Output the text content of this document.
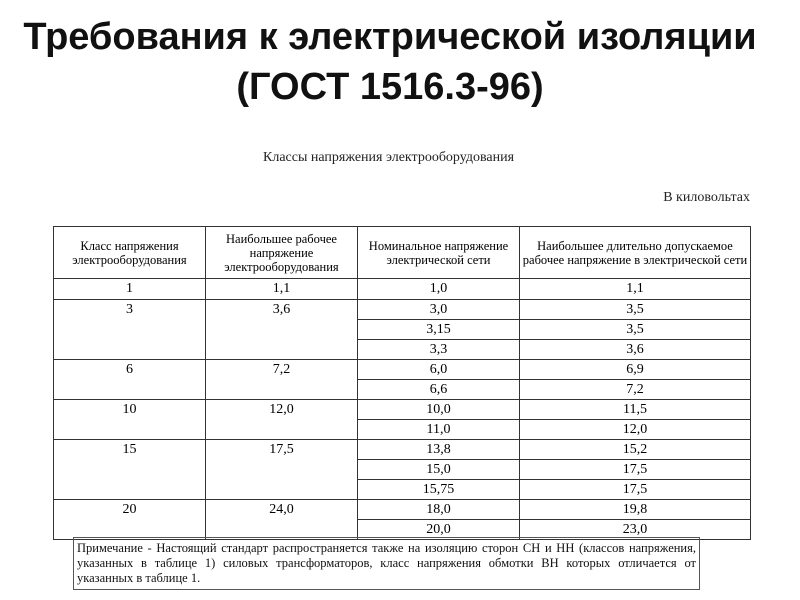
Требования к электрической изоляции (ГОСТ 1516.3-96)
Классы напряжения электрооборудования
В киловольтах
Класс напряжения электрооборудования	Наибольшее рабочее напряжение электрооборудования	Номинальное напряжение электрической сети	Наибольшее длительно допускаемое рабочее напряжение в электрической сети
1	1,1	1,0	1,1
3	3,6	3,0	3,5
		3,15	3,5
		3,3	3,6
6	7,2	6,0	6,9
		6,6	7,2
10	12,0	10,0	11,5
		11,0	12,0
15	17,5	13,8	15,2
		15,0	17,5
		15,75	17,5
20	24,0	18,0	19,8
		20,0	23,0
Примечание - Настоящий стандарт распространяется также на изоляцию сторон СН и НН (классов напряжения, указанных в таблице 1) силовых трансформаторов, класс напряжения обмотки ВН которых отличается от указанных в таблице 1.
